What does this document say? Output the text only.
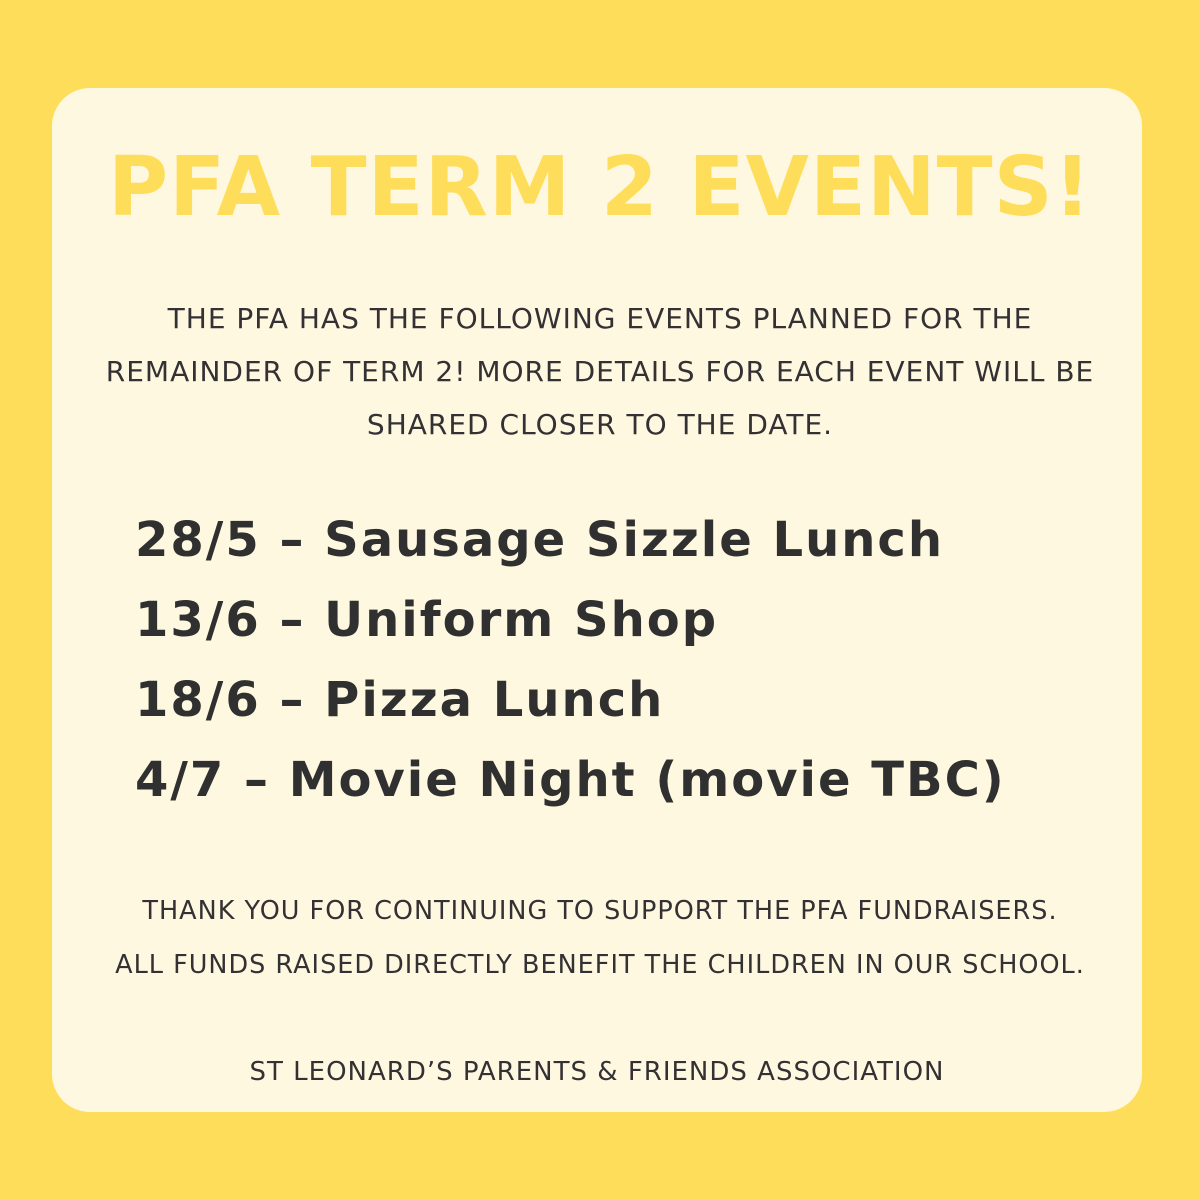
PFA TERM 2 EVENTS!
THE PFA HAS THE FOLLOWING EVENTS PLANNED FOR THE
REMAINDER OF TERM 2! MORE DETAILS FOR EACH EVENT WILL BE
SHARED CLOSER TO THE DATE.
28/5 – Sausage Sizzle Lunch
13/6 – Uniform Shop
18/6 – Pizza Lunch
4/7 – Movie Night (movie TBC)
THANK YOU FOR CONTINUING TO SUPPORT THE PFA FUNDRAISERS.
ALL FUNDS RAISED DIRECTLY BENEFIT THE CHILDREN IN OUR SCHOOL.
ST LEONARD’S PARENTS & FRIENDS ASSOCIATION
